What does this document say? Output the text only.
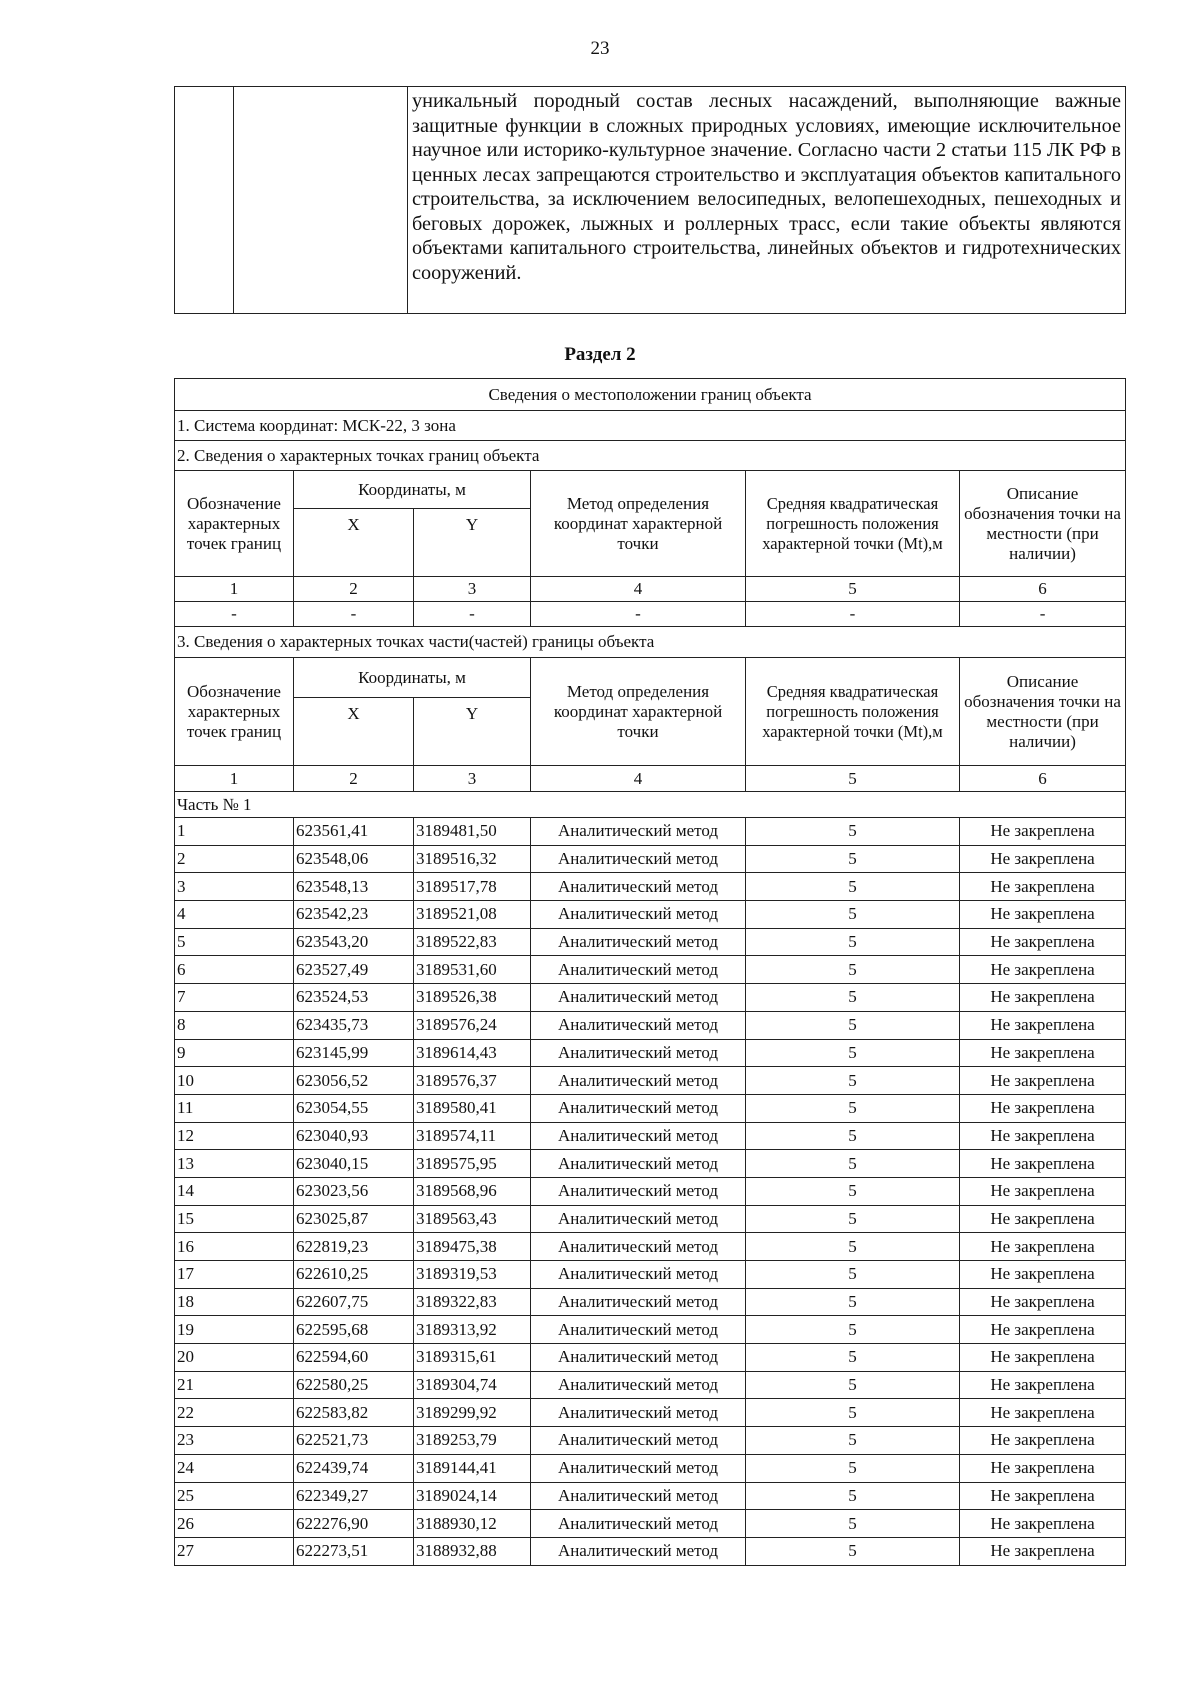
23

уникальный породный состав лесных насаждений, выполняющие важные защитные функции в сложных природных условиях, имеющие исключительное научное или историко-культурное значение. Согласно части 2 статьи 115 ЛК РФ в ценных лесах запрещаются строительство и эксплуатация объектов капитального строительства, за исключением велосипедных, велопешеходных, пешеходных и беговых дорожек, лыжных и роллерных трасс, если такие объекты являются объектами капитального строительства, линейных объектов и гидротехнических сооружений.

Раздел 2
Сведения о местоположении границ объекта					
1. Система координат: МСК-22, 3 зона					
2. Сведения о характерных точках границ объекта					
Обозначение характерных точек границ	Координаты, м		Метод определения координат характерной точки	Средняя квадратическая погрешность положения характерной точки (Mt),м	Описание обозначения точки на местности (при наличии)
	X	Y			
1	2	3	4	5	6
-	-	-	-	-	-
3. Сведения о характерных точках части(частей) границы объекта					
Обозначение характерных точек границ	Координаты, м		Метод определения координат характерной точки	Средняя квадратическая погрешность положения характерной точки (Mt),м	Описание обозначения точки на местности (при наличии)
	X	Y			
1	2	3	4	5	6
Часть № 1					
1	623561,41	3189481,50	Аналитический метод	5	Не закреплена
2	623548,06	3189516,32	Аналитический метод	5	Не закреплена
3	623548,13	3189517,78	Аналитический метод	5	Не закреплена
4	623542,23	3189521,08	Аналитический метод	5	Не закреплена
5	623543,20	3189522,83	Аналитический метод	5	Не закреплена
6	623527,49	3189531,60	Аналитический метод	5	Не закреплена
7	623524,53	3189526,38	Аналитический метод	5	Не закреплена
8	623435,73	3189576,24	Аналитический метод	5	Не закреплена
9	623145,99	3189614,43	Аналитический метод	5	Не закреплена
10	623056,52	3189576,37	Аналитический метод	5	Не закреплена
11	623054,55	3189580,41	Аналитический метод	5	Не закреплена
12	623040,93	3189574,11	Аналитический метод	5	Не закреплена
13	623040,15	3189575,95	Аналитический метод	5	Не закреплена
14	623023,56	3189568,96	Аналитический метод	5	Не закреплена
15	623025,87	3189563,43	Аналитический метод	5	Не закреплена
16	622819,23	3189475,38	Аналитический метод	5	Не закреплена
17	622610,25	3189319,53	Аналитический метод	5	Не закреплена
18	622607,75	3189322,83	Аналитический метод	5	Не закреплена
19	622595,68	3189313,92	Аналитический метод	5	Не закреплена
20	622594,60	3189315,61	Аналитический метод	5	Не закреплена
21	622580,25	3189304,74	Аналитический метод	5	Не закреплена
22	622583,82	3189299,92	Аналитический метод	5	Не закреплена
23	622521,73	3189253,79	Аналитический метод	5	Не закреплена
24	622439,74	3189144,41	Аналитический метод	5	Не закреплена
25	622349,27	3189024,14	Аналитический метод	5	Не закреплена
26	622276,90	3188930,12	Аналитический метод	5	Не закреплена
27	622273,51	3188932,88	Аналитический метод	5	Не закреплена
